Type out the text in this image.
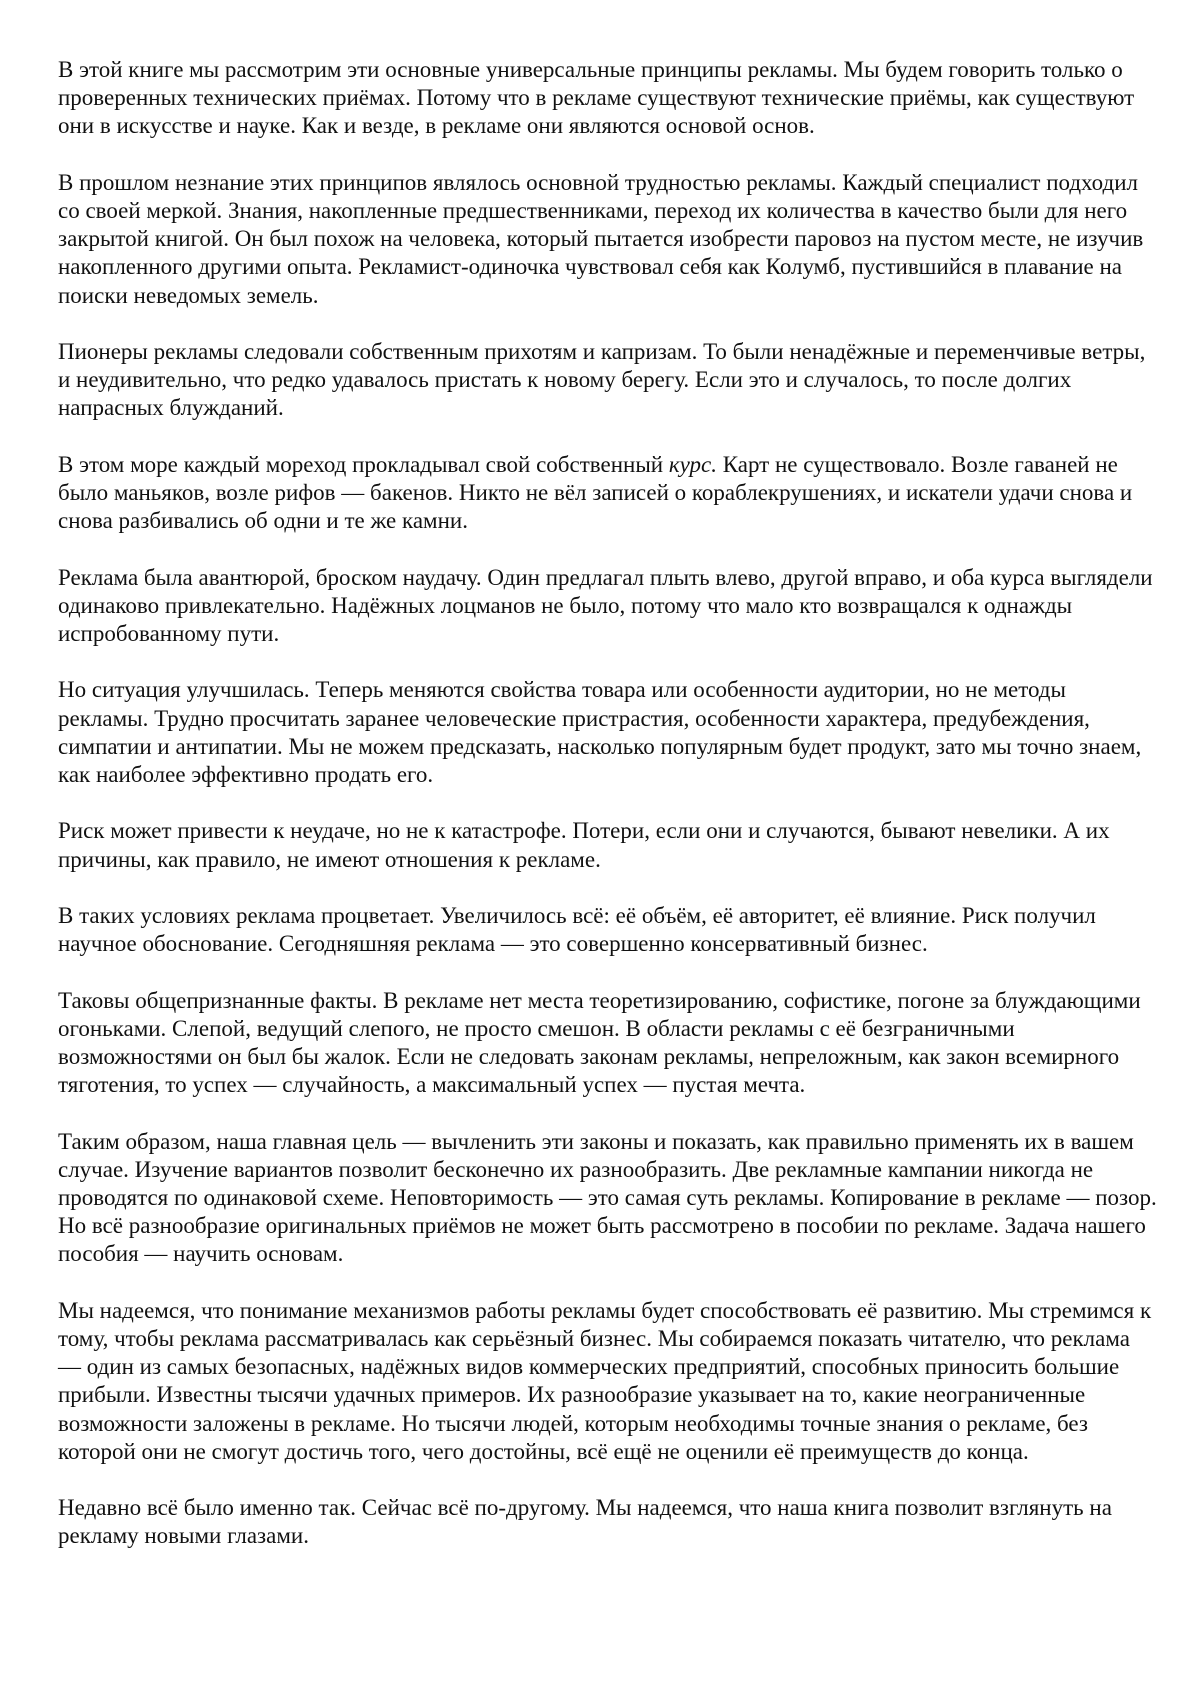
В этой книге мы рассмотрим эти основные универсальные принципы рекламы. Мы будем говорить только о проверенных технических приёмах. Потому что в рекламе существуют технические приёмы, как существуют они в искусстве и науке. Как и везде, в рекламе они являются основой основ.

В прошлом незнание этих принципов являлось основной трудностью рекламы. Каждый специалист подходил со своей меркой. Знания, накопленные предшественниками, переход их количества в качество были для него закрытой книгой. Он был похож на человека, который пытается изобрести паровоз на пустом месте, не изучив накопленного другими опыта. Рекламист-одиночка чувствовал себя как Колумб, пустившийся в плавание на поиски неведомых земель.

Пионеры рекламы следовали собственным прихотям и капризам. То были ненадёжные и переменчивые ветры, и неудивительно, что редко удавалось пристать к новому берегу. Если это и случалось, то после долгих напрасных блужданий.

В этом море каждый мореход прокладывал свой собственный курс. Карт не существовало. Возле гаваней не было маньяков, возле рифов — бакенов. Никто не вёл записей о кораблекрушениях, и искатели удачи снова и снова разбивались об одни и те же камни.

Реклама была авантюрой, броском наудачу. Один предлагал плыть влево, другой вправо, и оба курса выглядели одинаково привлекательно. Надёжных лоцманов не было, потому что мало кто возвращался к однажды испробованному пути.

Но ситуация улучшилась. Теперь меняются свойства товара или особенности аудитории, но не методы рекламы. Трудно просчитать заранее человеческие пристрастия, особенности характера, предубеждения, симпатии и антипатии. Мы не можем предсказать, насколько популярным будет продукт, зато мы точно знаем, как наиболее эффективно продать его.

Риск может привести к неудаче, но не к катастрофе. Потери, если они и случаются, бывают невелики. А их причины, как правило, не имеют отношения к рекламе.

В таких условиях реклама процветает. Увеличилось всё: её объём, её авторитет, её влияние. Риск получил научное обоснование. Сегодняшняя реклама — это совершенно консервативный бизнес.

Таковы общепризнанные факты. В рекламе нет места теоретизированию, софистике, погоне за блуждающими огоньками. Слепой, ведущий слепого, не просто смешон. В области рекламы с её безграничными возможностями он был бы жалок. Если не следовать законам рекламы, непреложным, как закон всемирного тяготения, то успех — случайность, а максимальный успех — пустая мечта.

Таким образом, наша главная цель — вычленить эти законы и показать, как правильно применять их в вашем случае. Изучение вариантов позволит бесконечно их разнообразить. Две рекламные кампании никогда не проводятся по одинаковой схеме. Неповторимость — это самая суть рекламы. Копирование в рекламе — позор. Но всё разнообразие оригинальных приёмов не может быть рассмотрено в пособии по рекламе. Задача нашего пособия — научить основам.

Мы надеемся, что понимание механизмов работы рекламы будет способствовать её развитию. Мы стремимся к тому, чтобы реклама рассматривалась как серьёзный бизнес. Мы собираемся показать читателю, что реклама — один из самых безопасных, надёжных видов коммерческих предприятий, способных приносить большие прибыли. Известны тысячи удачных примеров. Их разнообразие указывает на то, какие неограниченные возможности заложены в рекламе. Но тысячи людей, которым необходимы точные знания о рекламе, без которой они не смогут достичь того, чего достойны, всё ещё не оценили её преимуществ до конца.

Недавно всё было именно так. Сейчас всё по-другому. Мы надеемся, что наша книга позволит взглянуть на рекламу новыми глазами.
